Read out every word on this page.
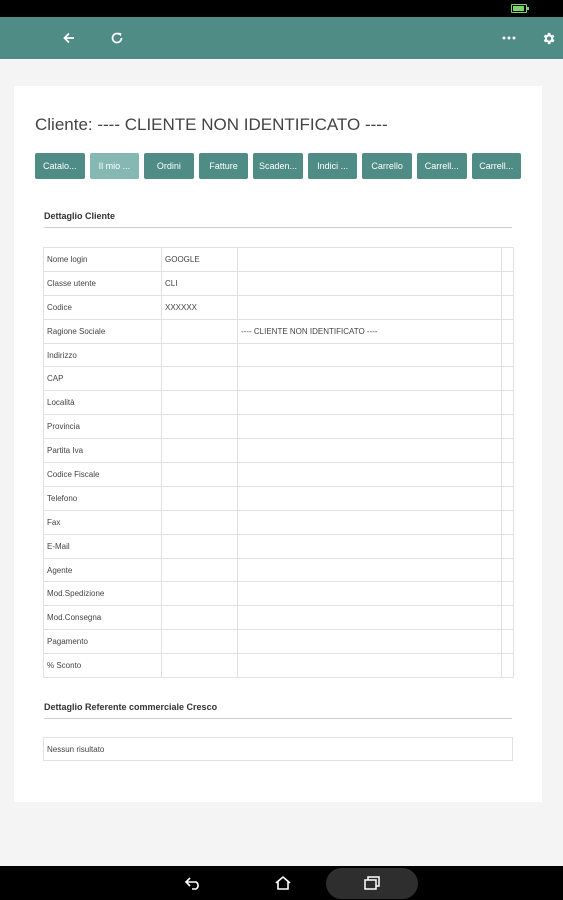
Cliente: ---- CLIENTE NON IDENTIFICATO ----
Catalo...	Il mio ...	Ordini	Fatture	Scaden...	Indici ...	Carrello	Carrell...	Carrell...
Dettaglio Cliente
Nome login	GOOGLE		
Classe utente	CLI		
Codice	XXXXXX		
Ragione Sociale		---- CLIENTE NON IDENTIFICATO ----	
Indirizzo			
CAP			
Località			
Provincia			
Partita Iva			
Codice Fiscale			
Telefono			
Fax			
E-Mail			
Agente			
Mod.Spedizione			
Mod.Consegna			
Pagamento			
% Sconto			
Dettaglio Referente commerciale Cresco
Nessun risultato
